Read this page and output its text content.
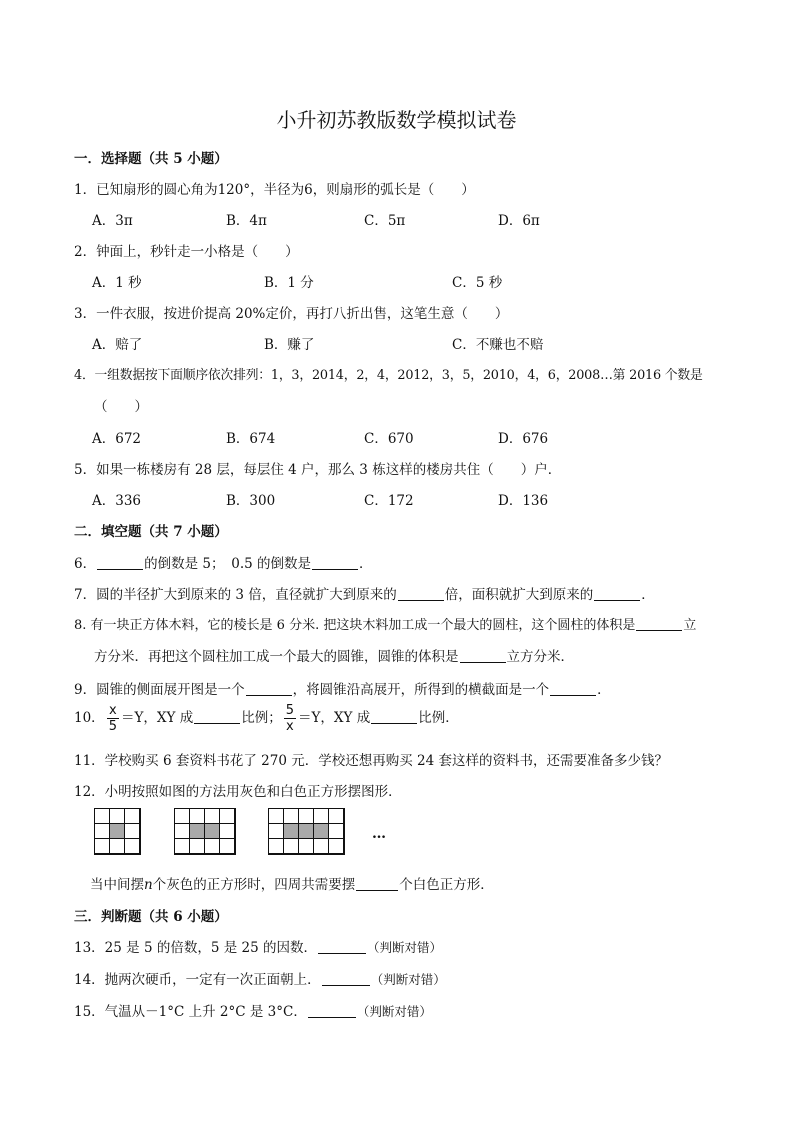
小升初苏教版数学模拟试卷
一．选择题（共 5 小题）
1．已知扇形的圆心角为120°，半径为6，则扇形的弧长是（　　）
A．3π	B．4π	C．5π	D．6π
2．钟面上，秒针走一小格是（　　）
A．1 秒	B．1 分	C．5 秒
3．一件衣服，按进价提高 20%定价，再打八折出售，这笔生意（　　）
A．赔了	B．赚了	C．不赚也不赔
4．一组数据按下面顺序依次排列：1，3，2014，2，4，2012，3，5，2010，4，6，2008…第 2016 个数是
（　　）
A．672	B．674	C．670	D．676
5．如果一栋楼房有 28 层，每层住 4 户，那么 3 栋这样的楼房共住（　　）户．
A．336	B．300	C．172	D．136
二．填空题（共 7 小题）
6．	的倒数是 5；　0.5 的倒数是	．
7．圆的半径扩大到原来的 3 倍，直径就扩大到原来的	倍，面积就扩大到原来的	．
8. 有一块正方体木料，它的棱长是 6 分米. 把这块木料加工成一个最大的圆柱，这个圆柱的体积是	立
方分米．再把这个圆柱加工成一个最大的圆锥，圆锥的体积是	立方分米．
9．圆锥的侧面展开图是一个	，将圆锥沿高展开，所得到的横截面是一个	．
10． $\frac{x}{5} =Y$，XY 成	比例； $\frac{5}{x} =Y$，XY 成	比例．
11．学校购买 6 套资料书花了 270 元．学校还想再购买 24 套这样的资料书，还需要准备多少钱？
12．小明按照如图的方法用灰色和白色正方形摆图形．
…
当中间摆n个灰色的正方形时，四周共需要摆	个白色正方形．
三．判断题（共 6 小题）
13．25 是 5 的倍数，5 是 25 的因数．	（判断对错）
14．抛两次硬币，一定有一次正面朝上．	（判断对错）
15．气温从－1°C 上升 2°C 是 3°C．	（判断对错）
